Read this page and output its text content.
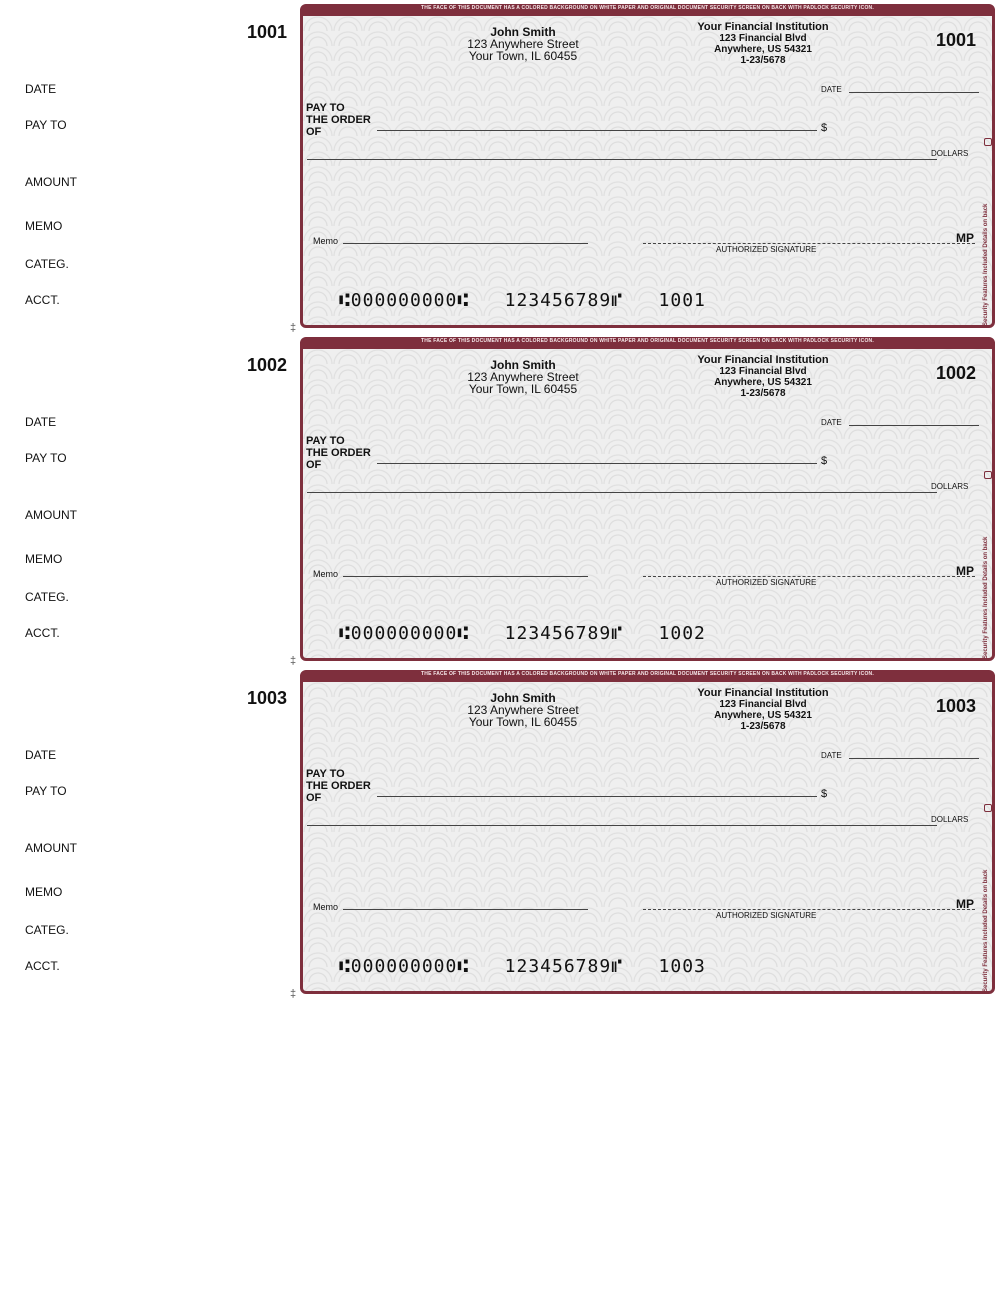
1001
DATE
PAY TO
AMOUNT
MEMO
CATEG.
ACCT.
‡
THE FACE OF THIS DOCUMENT HAS A COLORED BACKGROUND ON WHITE PAPER AND ORIGINAL DOCUMENT SECURITY SCREEN ON BACK WITH PADLOCK SECURITY ICON.
Security Features Included Details on back
John Smith
123 Anywhere Street
Your Town, IL 60455
Your Financial Institution
123 Financial Blvd
Anywhere, US 54321
1-23/5678
1001
DATE
PAY TO
THE ORDER
OF	$
DOLLARS
Memo
AUTHORIZED SIGNATURE
MP
⑆000000000⑆ 123456789⑈ 1001
1002
DATE
PAY TO
AMOUNT
MEMO
CATEG.
ACCT.
‡
THE FACE OF THIS DOCUMENT HAS A COLORED BACKGROUND ON WHITE PAPER AND ORIGINAL DOCUMENT SECURITY SCREEN ON BACK WITH PADLOCK SECURITY ICON.
Security Features Included Details on back
John Smith
123 Anywhere Street
Your Town, IL 60455
Your Financial Institution
123 Financial Blvd
Anywhere, US 54321
1-23/5678
1002
DATE
PAY TO
THE ORDER
OF	$
DOLLARS
Memo
AUTHORIZED SIGNATURE
MP
⑆000000000⑆ 123456789⑈ 1002
1003
DATE
PAY TO
AMOUNT
MEMO
CATEG.
ACCT.
‡
THE FACE OF THIS DOCUMENT HAS A COLORED BACKGROUND ON WHITE PAPER AND ORIGINAL DOCUMENT SECURITY SCREEN ON BACK WITH PADLOCK SECURITY ICON.
Security Features Included Details on back
John Smith
123 Anywhere Street
Your Town, IL 60455
Your Financial Institution
123 Financial Blvd
Anywhere, US 54321
1-23/5678
1003
DATE
PAY TO
THE ORDER
OF	$
DOLLARS
Memo
AUTHORIZED SIGNATURE
MP
⑆000000000⑆ 123456789⑈ 1003
